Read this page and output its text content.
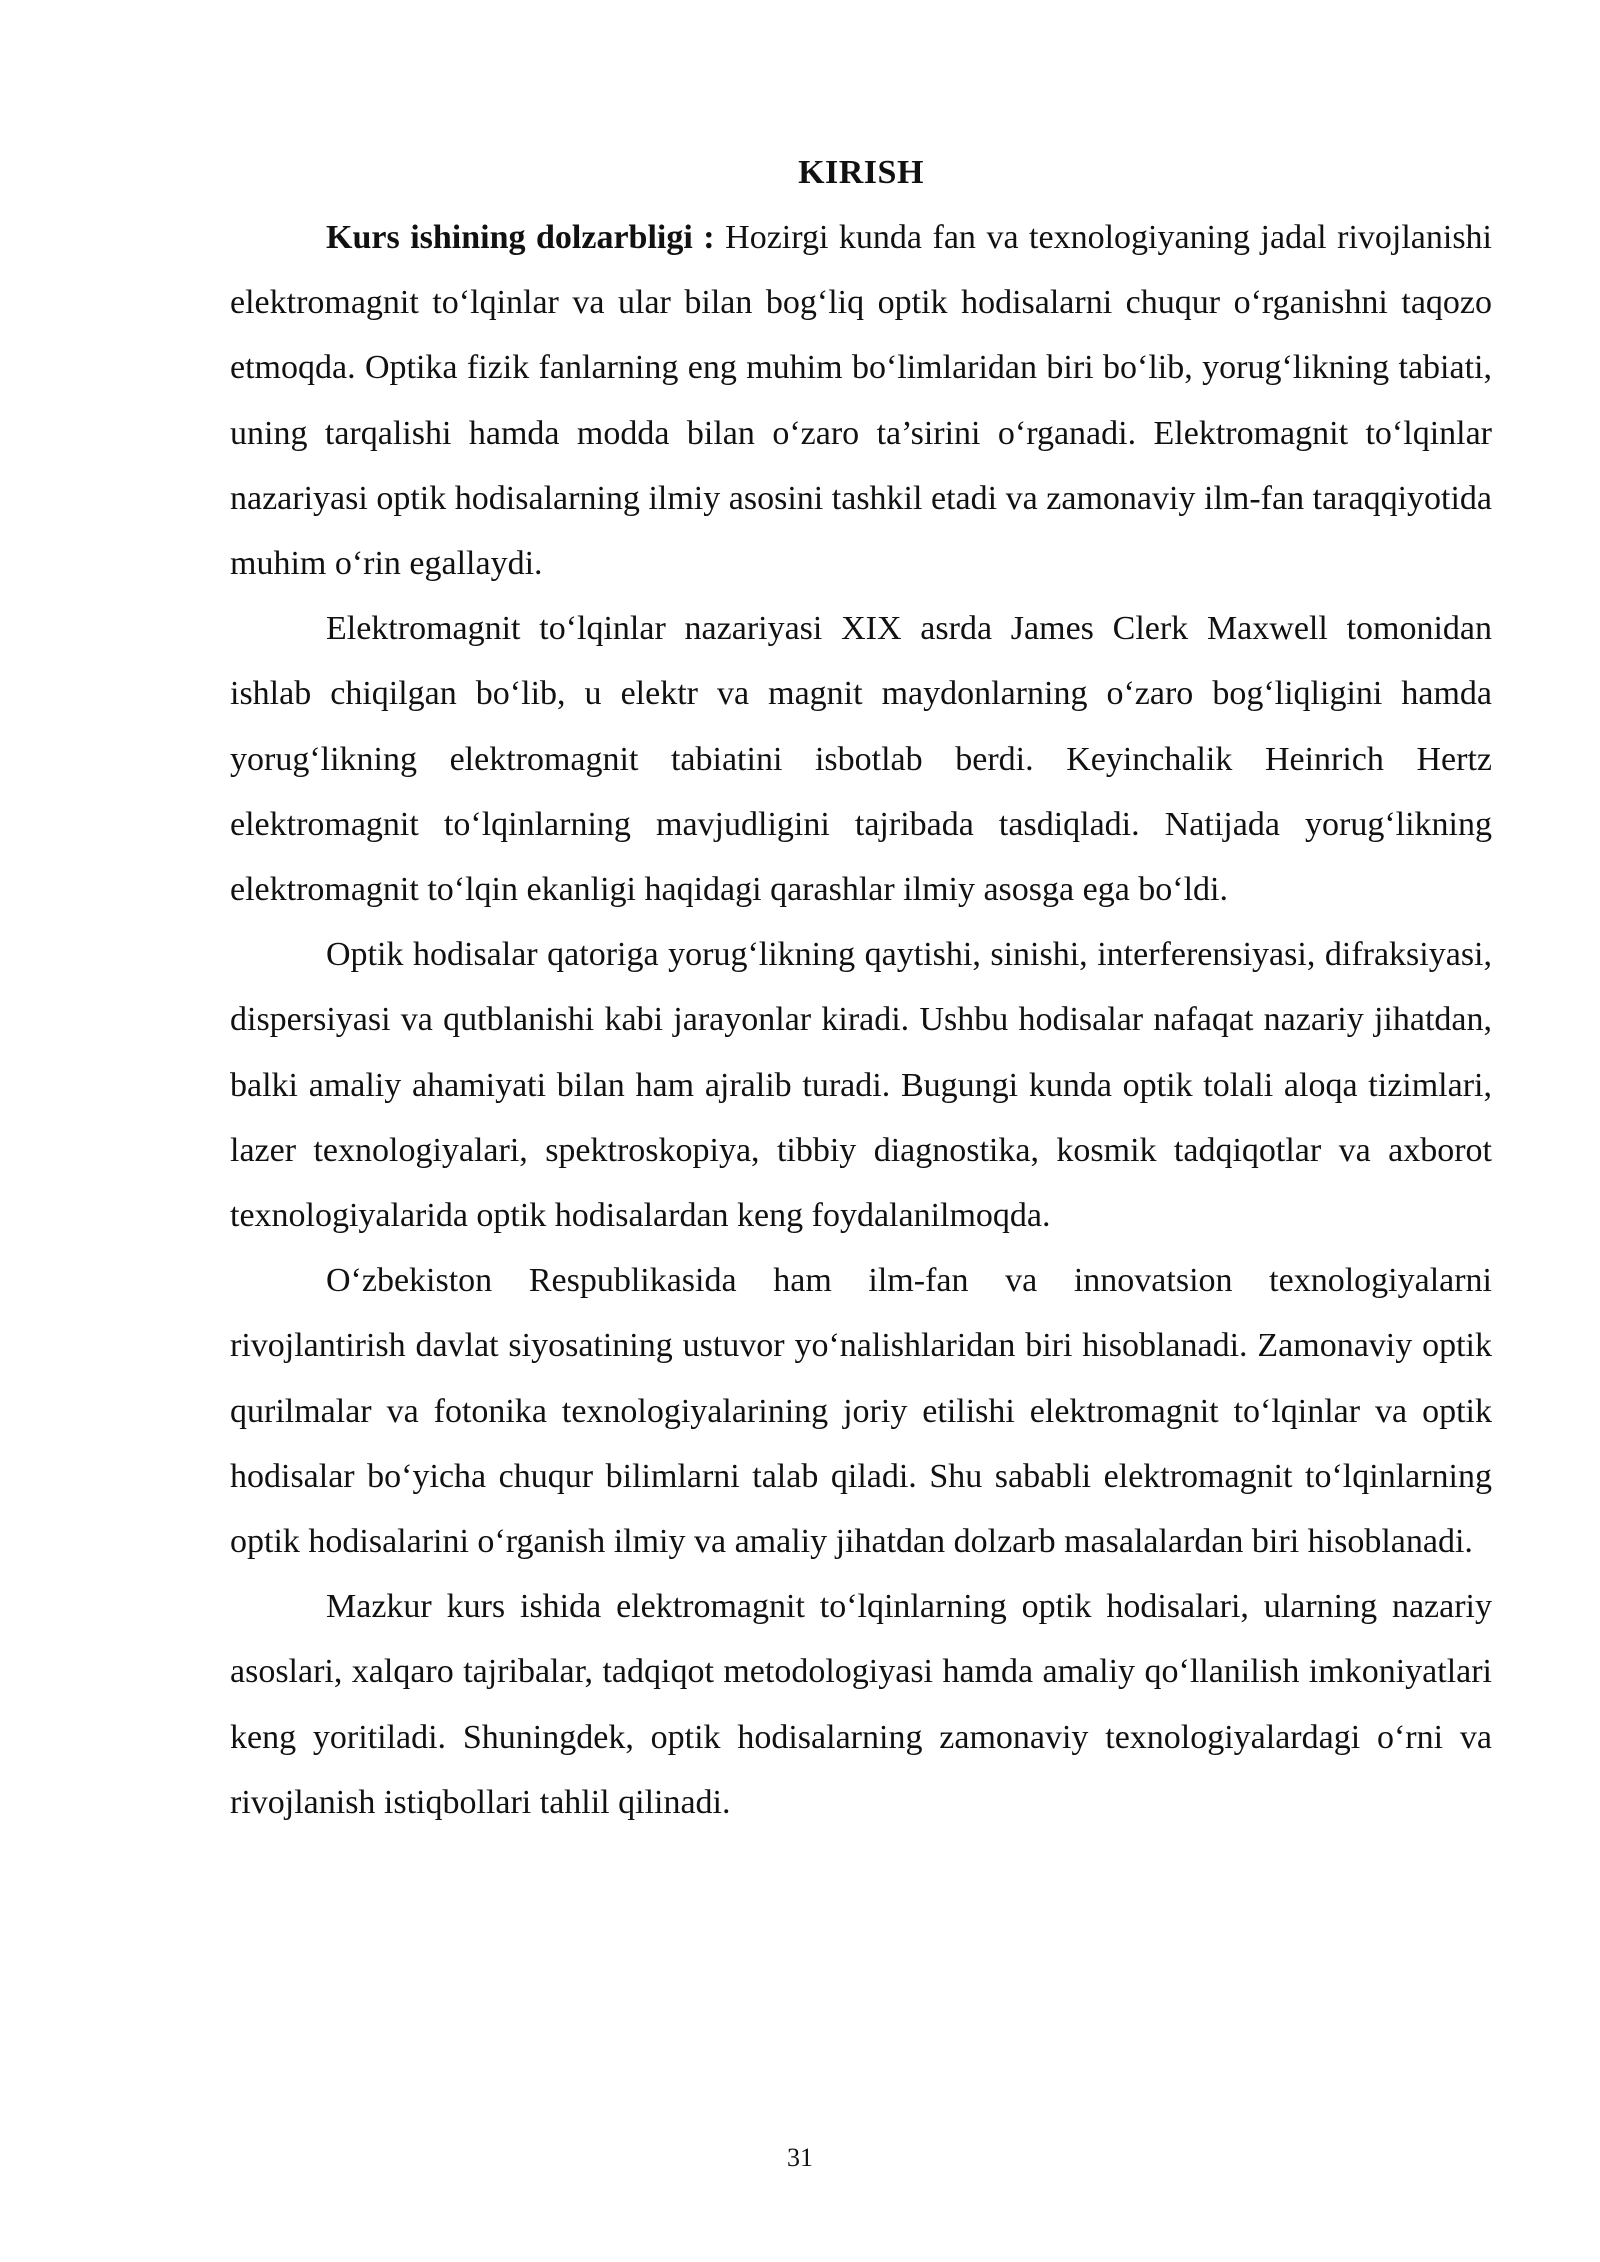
KIRISH

Kurs ishining dolzarbligi : Hozirgi kunda fan va texnologiyaning jadal rivojlanishi elektromagnit to‘lqinlar va ular bilan bog‘liq optik hodisalarni chuqur o‘rganishni taqozo etmoqda. Optika fizik fanlarning eng muhim bo‘limlaridan biri bo‘lib, yorug‘likning tabiati, uning tarqalishi hamda modda bilan o‘zaro ta’sirini o‘rganadi. Elektromagnit to‘lqinlar nazariyasi optik hodisalarning ilmiy asosini tashkil etadi va zamonaviy ilm-fan taraqqiyotida muhim o‘rin egallaydi.

Elektromagnit to‘lqinlar nazariyasi XIX asrda James Clerk Maxwell tomonidan ishlab chiqilgan bo‘lib, u elektr va magnit maydonlarning o‘zaro bog‘liqligini hamda yorug‘likning elektromagnit tabiatini isbotlab berdi. Keyinchalik Heinrich Hertz elektromagnit to‘lqinlarning mavjudligini tajribada tasdiqladi. Natijada yorug‘likning elektromagnit to‘lqin ekanligi haqidagi qarashlar ilmiy asosga ega bo‘ldi.

Optik hodisalar qatoriga yorug‘likning qaytishi, sinishi, interferensiyasi, difraksiyasi, dispersiyasi va qutblanishi kabi jarayonlar kiradi. Ushbu hodisalar nafaqat nazariy jihatdan, balki amaliy ahamiyati bilan ham ajralib turadi. Bugungi kunda optik tolali aloqa tizimlari, lazer texnologiyalari, spektroskopiya, tibbiy diagnostika, kosmik tadqiqotlar va axborot texnologiyalarida optik hodisalardan keng foydalanilmoqda.

O‘zbekiston Respublikasida ham ilm-fan va innovatsion texnologiyalarni rivojlantirish davlat siyosatining ustuvor yo‘nalishlaridan biri hisoblanadi. Zamonaviy optik qurilmalar va fotonika texnologiyalarining joriy etilishi elektromagnit to‘lqinlar va optik hodisalar bo‘yicha chuqur bilimlarni talab qiladi. Shu sababli elektromagnit to‘lqinlarning optik hodisalarini o‘rganish ilmiy va amaliy jihatdan dolzarb masalalardan biri hisoblanadi.

Mazkur kurs ishida elektromagnit to‘lqinlarning optik hodisalari, ularning nazariy asoslari, xalqaro tajribalar, tadqiqot metodologiyasi hamda amaliy qo‘llanilish imkoniyatlari keng yoritiladi. Shuningdek, optik hodisalarning zamonaviy texnologiyalardagi o‘rni va rivojlanish istiqbollari tahlil qilinadi.

31
